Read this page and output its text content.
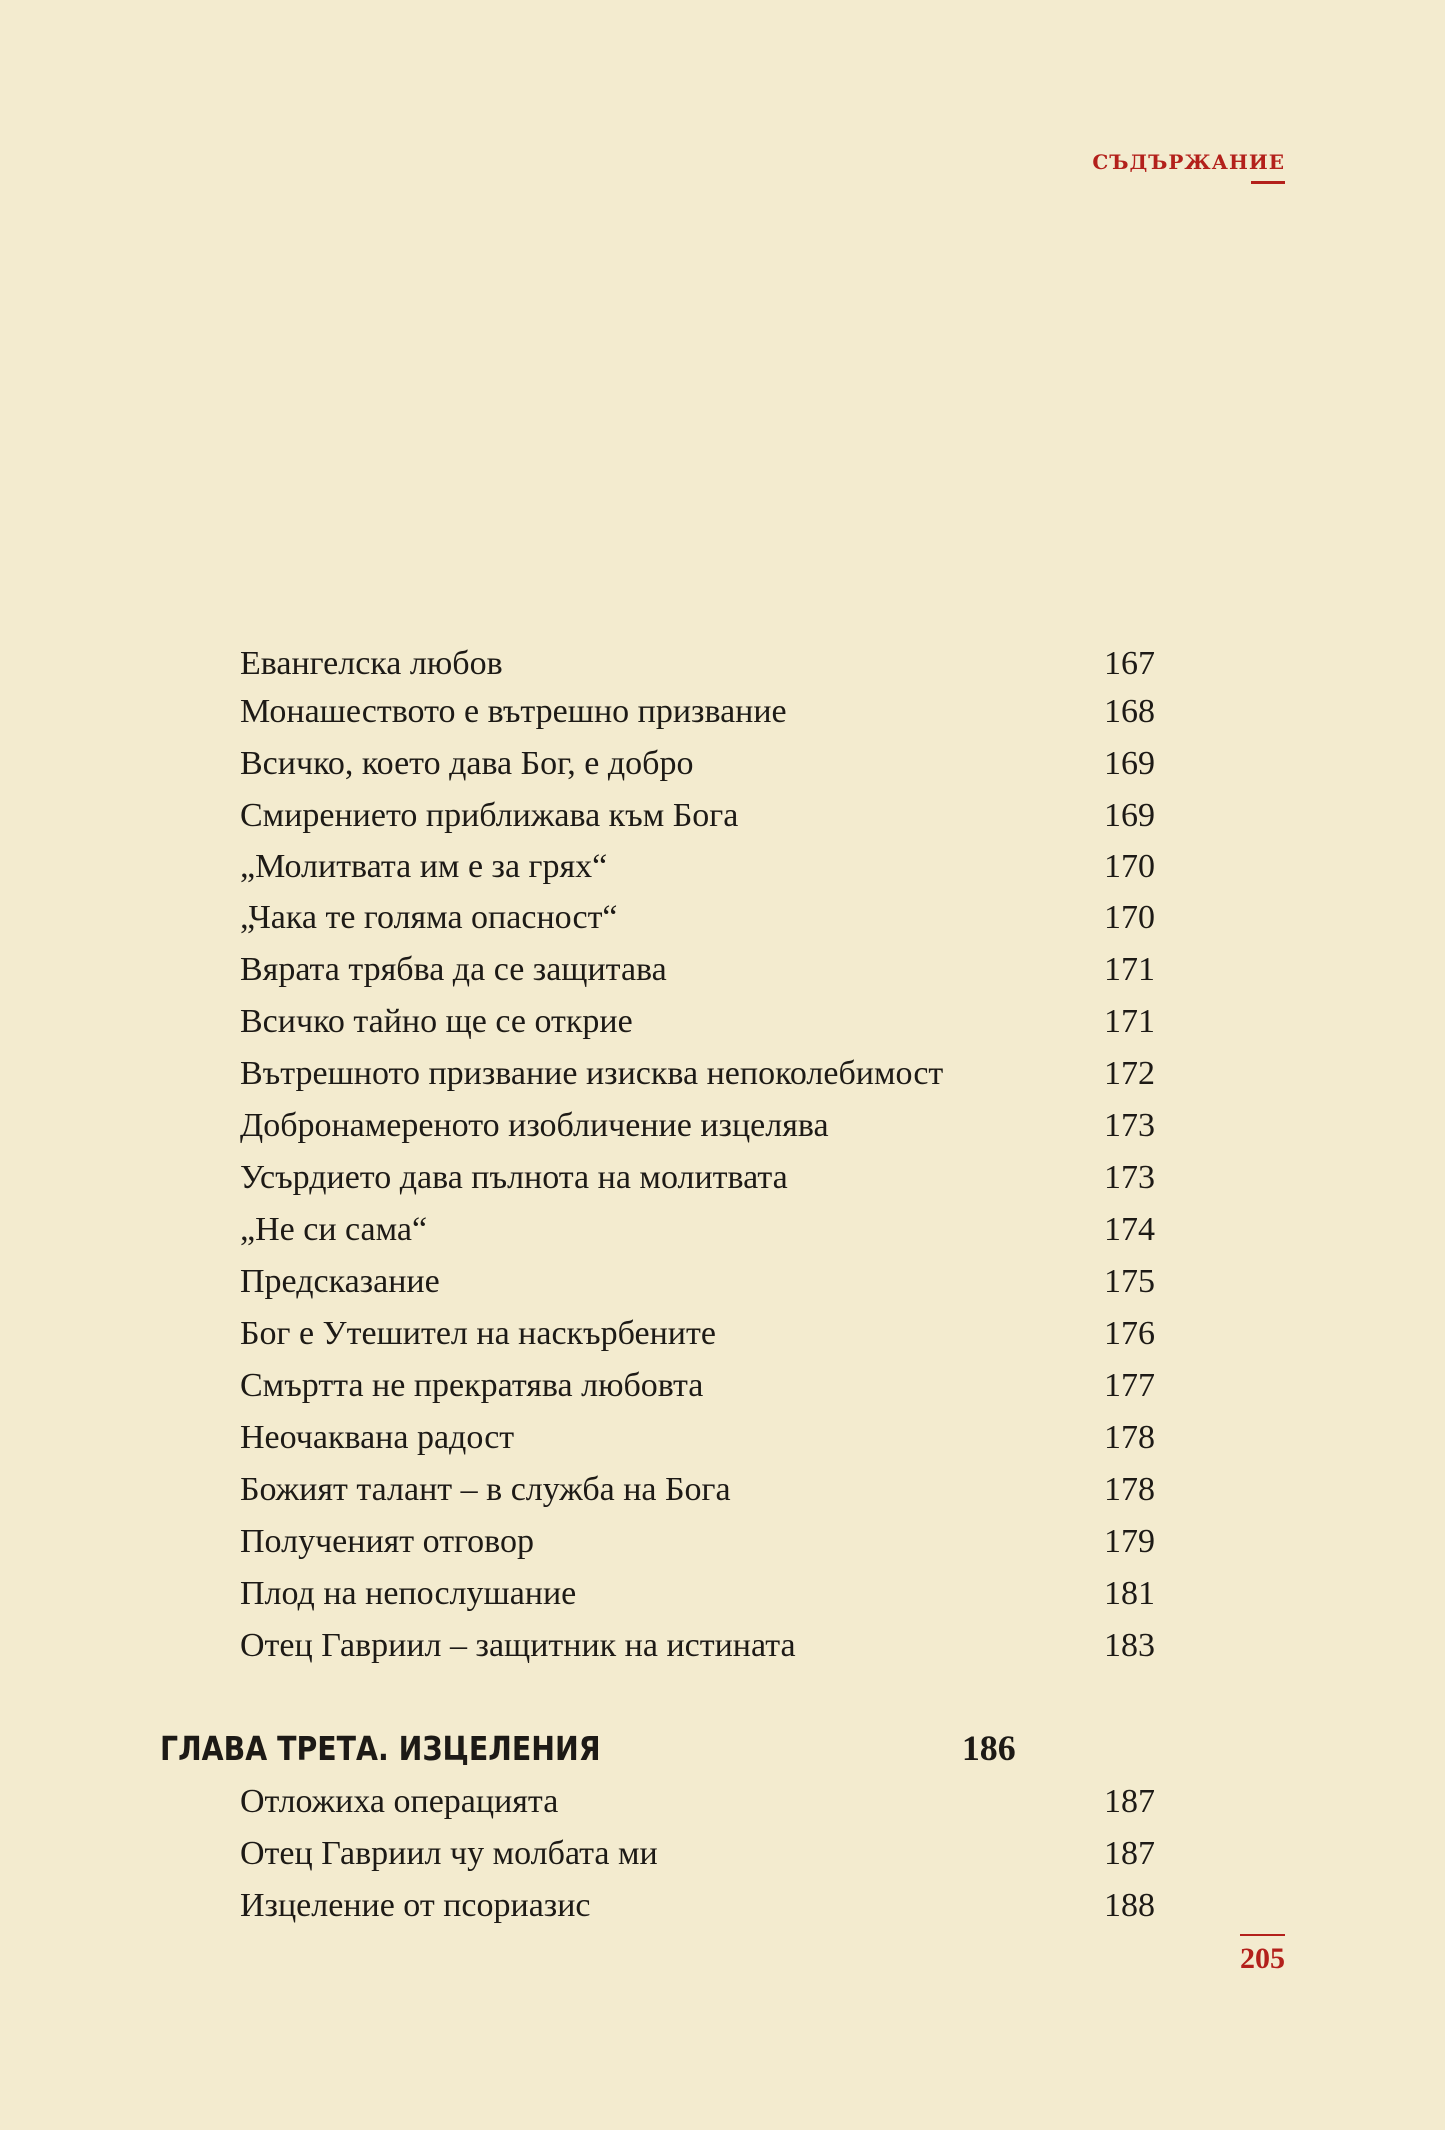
СЪДЪРЖАНИЕ
Евангелска любов	167
Монашеството е вътрешно призвание	168
Всичко, което дава Бог, е добро	169
Смирението приближава към Бога	169
„Молитвата им е за грях“	170
„Чака те голяма опасност“	170
Вярата трябва да се защитава	171
Всичко тайно ще се открие	171
Вътрешното призвание изисква непоколебимост	172
Добронамереното изобличение изцелява	173
Усърдието дава пълнота на молитвата	173
„Не си сама“	174
Предсказание	175
Бог е Утешител на наскърбените	176
Смъртта не прекратява любовта	177
Неочаквана радост	178
Божият талант – в служба на Бога	178
Полученият отговор	179
Плод на непослушание	181
Отец Гавриил – защитник на истината	183
ГЛАВА ТРЕТА. ИЗЦЕЛЕНИЯ	186
Отложиха операцията	187
Отец Гавриил чу молбата ми	187
Изцеление от псориазис	188
205
